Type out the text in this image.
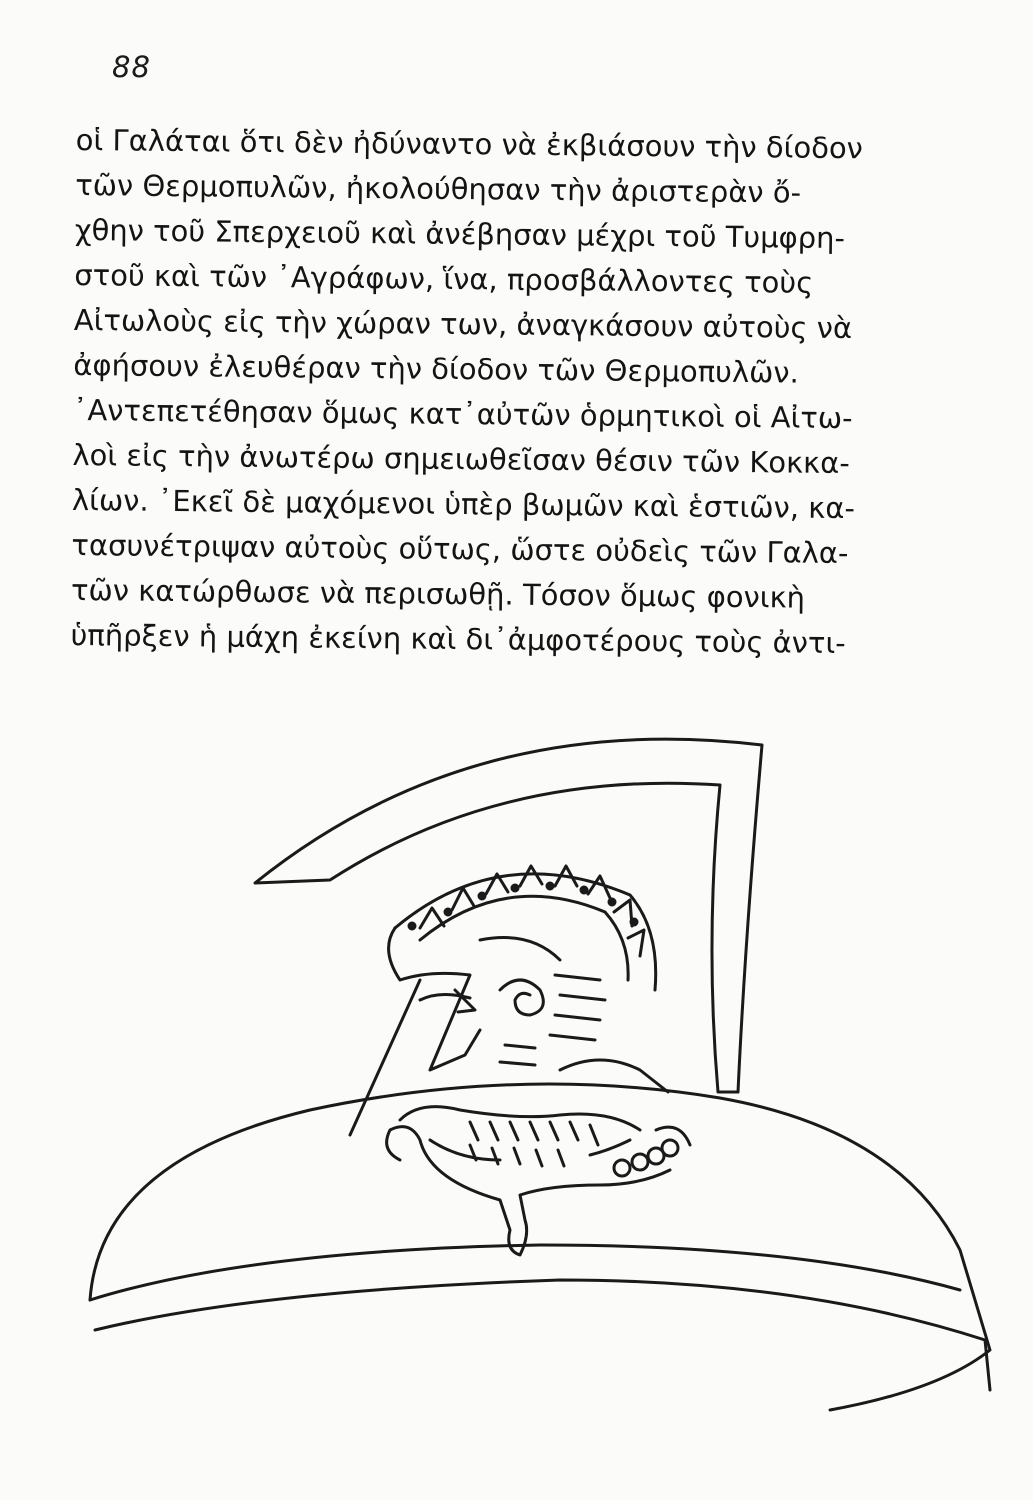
88
οἱ Γαλάται ὅτι δὲν ἠδύναντο νὰ ἐκβιάσουν τὴν δίοδον
τῶν Θερμοπυλῶν, ἠκολούθησαν τὴν ἀριστερὰν ὄ-
χθην τοῦ Σπερχειοῦ καὶ ἀνέβησαν μέχρι τοῦ Τυμφρη-
στοῦ καὶ τῶν ᾿Αγράφων, ἵνα, προσβάλλοντες τοὺς
Αἰτωλοὺς εἰς τὴν χώραν των, ἀναγκάσουν αὐτοὺς νὰ
ἀφήσουν ἐλευθέραν τὴν δίοδον τῶν Θερμοπυλῶν.
᾿Αντεπετέθησαν ὅμως κατ᾿αὐτῶν ὁρμητικοὶ οἱ Αἰτω-
λοὶ εἰς τὴν ἀνωτέρω σημειωθεῖσαν θέσιν τῶν Κοκκα-
λίων. ᾿Εκεῖ δὲ μαχόμενοι ὑπὲρ βωμῶν καὶ ἑστιῶν, κα-
τασυνέτριψαν αὐτοὺς οὕτως, ὥστε οὐδεὶς τῶν Γαλα-
τῶν κατώρθωσε νὰ περισωθῇ. Τόσον ὅμως φονικὴ
ὑπῆρξεν ἡ μάχη ἐκείνη καὶ δι᾿ἀμφοτέρους τοὺς ἀντι-
